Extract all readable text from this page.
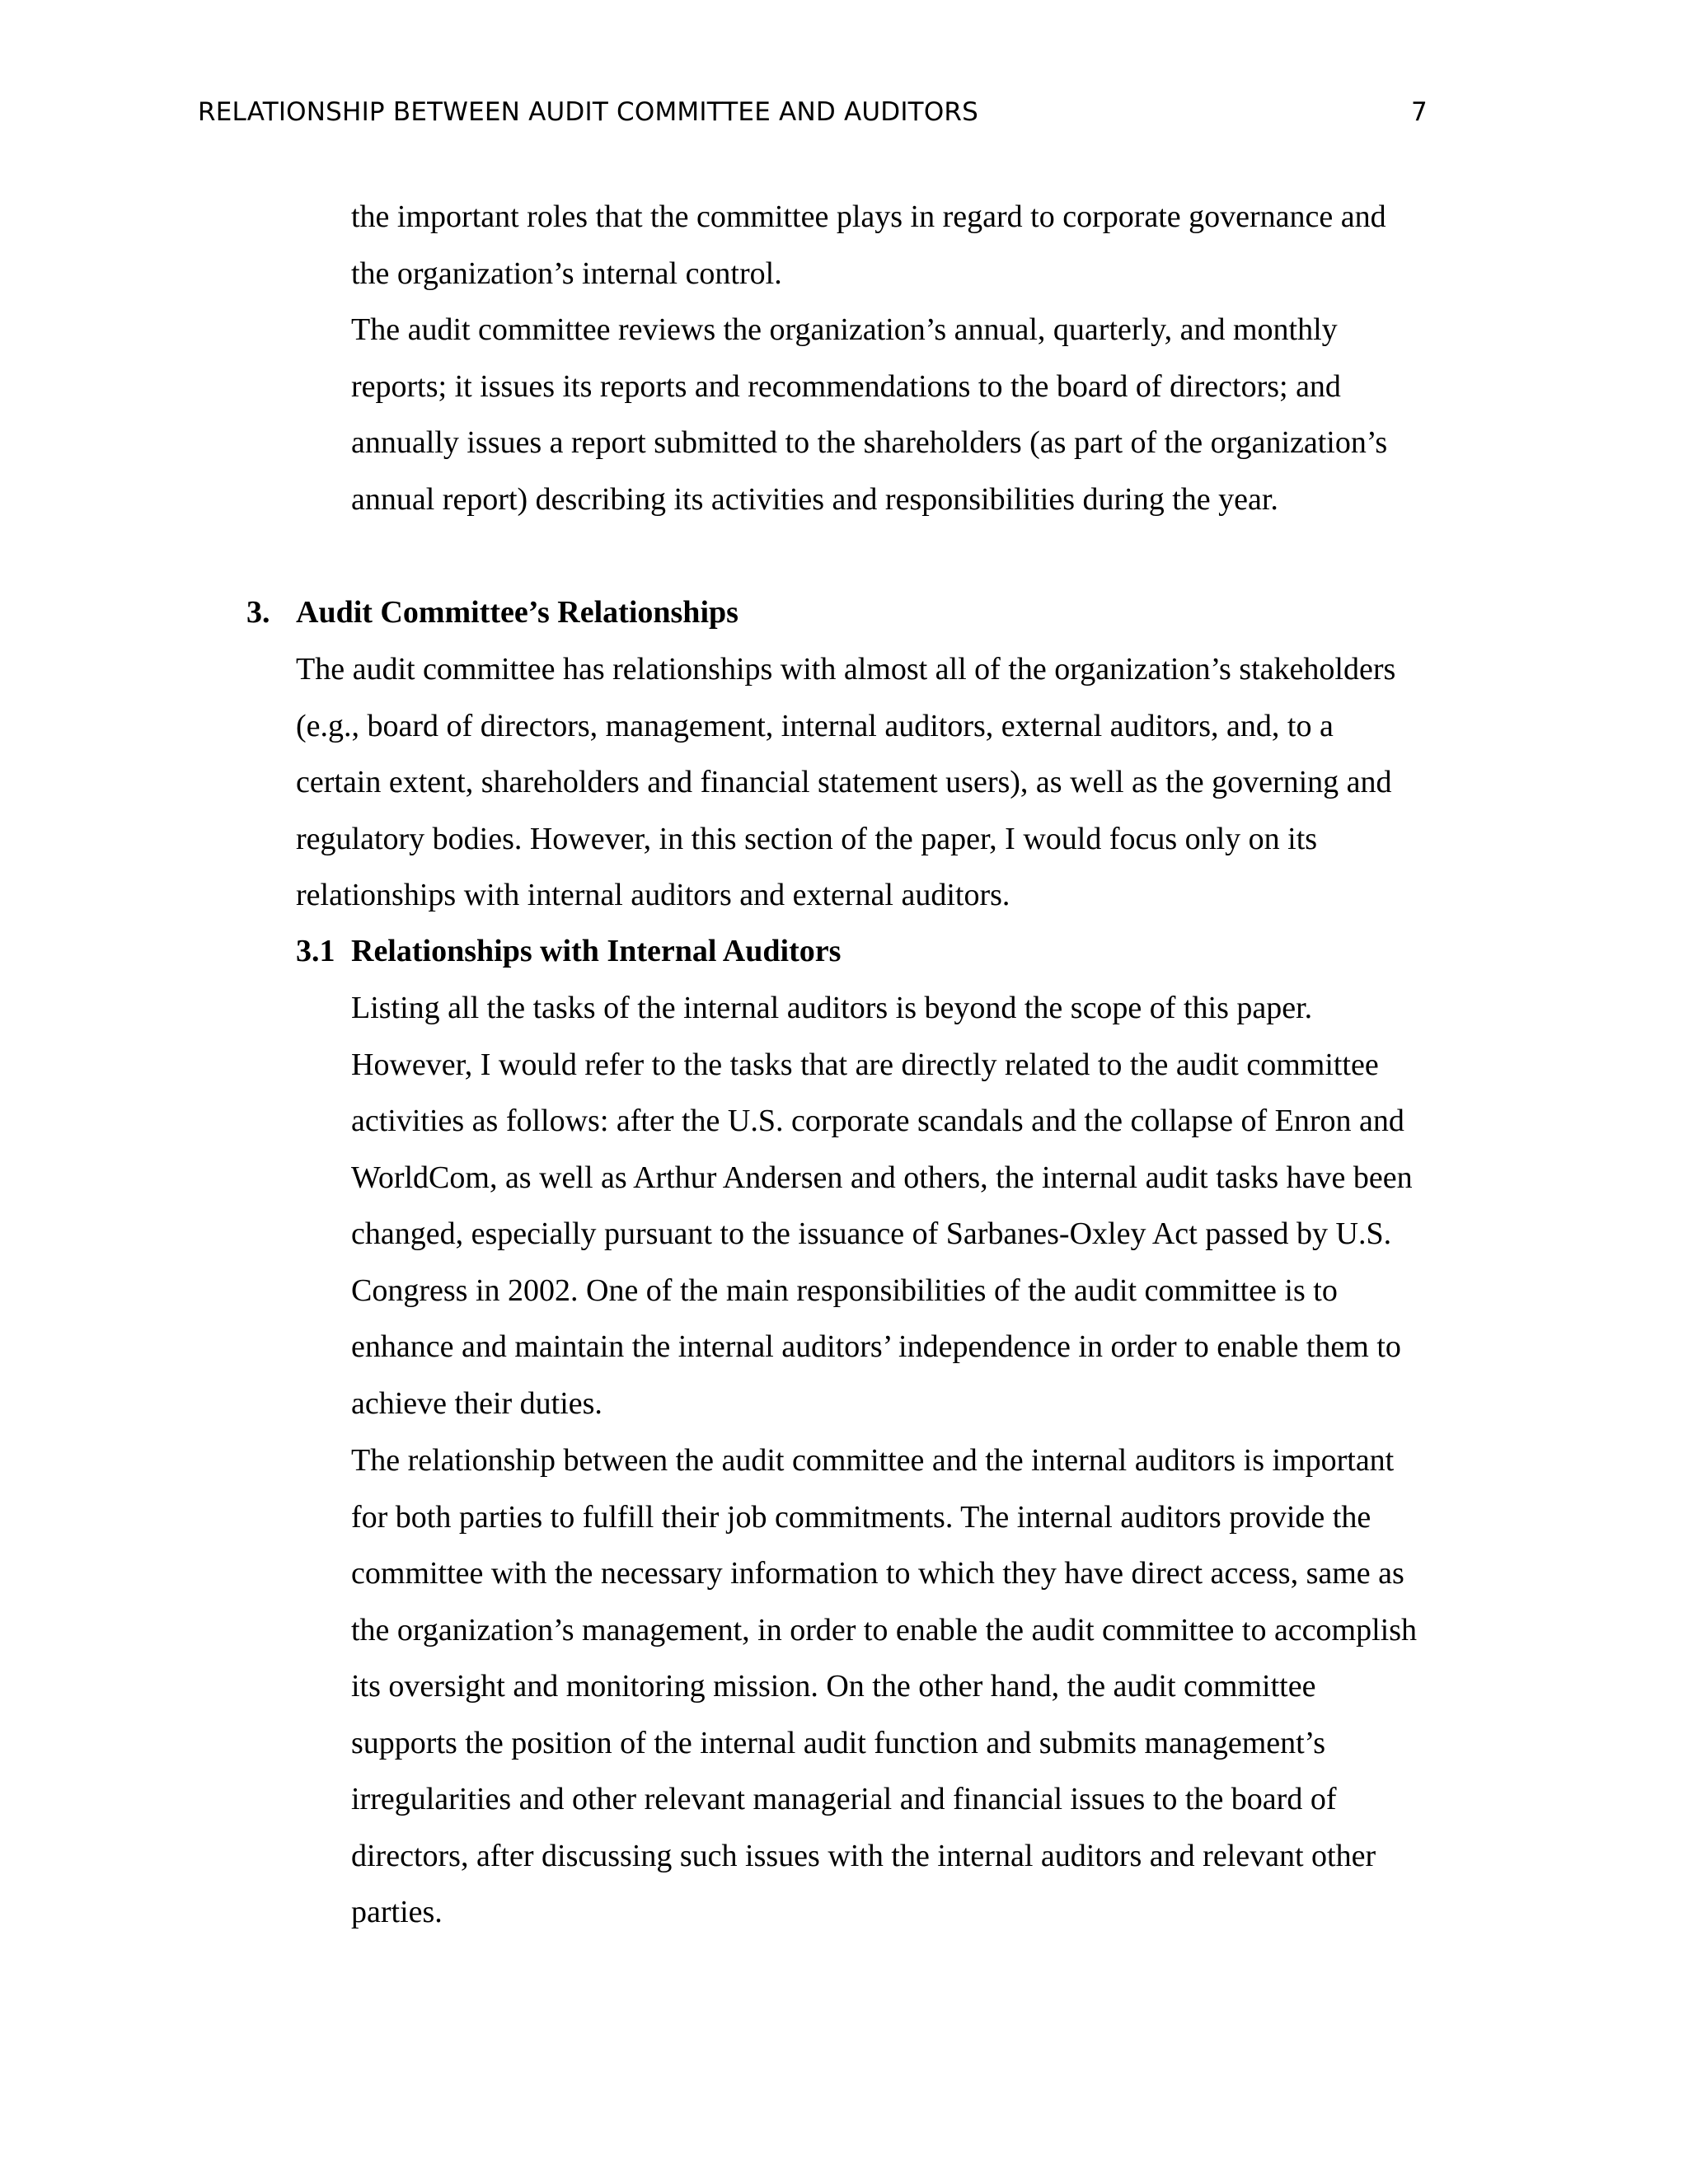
RELATIONSHIP BETWEEN AUDIT COMMITTEE AND AUDITORS	7

the important roles that the committee plays in regard to corporate governance and
the organization’s internal control.

The audit committee reviews the organization’s annual, quarterly, and monthly
reports; it issues its reports and recommendations to the board of directors; and
annually issues a report submitted to the shareholders (as part of the organization’s
annual report) describing its activities and responsibilities during the year.

3. Audit Committee’s Relationships

The audit committee has relationships with almost all of the organization’s stakeholders
(e.g., board of directors, management, internal auditors, external auditors, and, to a
certain extent, shareholders and financial statement users), as well as the governing and
regulatory bodies. However, in this section of the paper, I would focus only on its
relationships with internal auditors and external auditors.

3.1 Relationships with Internal Auditors

Listing all the tasks of the internal auditors is beyond the scope of this paper.
However, I would refer to the tasks that are directly related to the audit committee
activities as follows: after the U.S. corporate scandals and the collapse of Enron and
WorldCom, as well as Arthur Andersen and others, the internal audit tasks have been
changed, especially pursuant to the issuance of Sarbanes-Oxley Act passed by U.S.
Congress in 2002. One of the main responsibilities of the audit committee is to
enhance and maintain the internal auditors’ independence in order to enable them to
achieve their duties.

The relationship between the audit committee and the internal auditors is important
for both parties to fulfill their job commitments. The internal auditors provide the
committee with the necessary information to which they have direct access, same as
the organization’s management, in order to enable the audit committee to accomplish
its oversight and monitoring mission. On the other hand, the audit committee
supports the position of the internal audit function and submits management’s
irregularities and other relevant managerial and financial issues to the board of
directors, after discussing such issues with the internal auditors and relevant other
parties.
